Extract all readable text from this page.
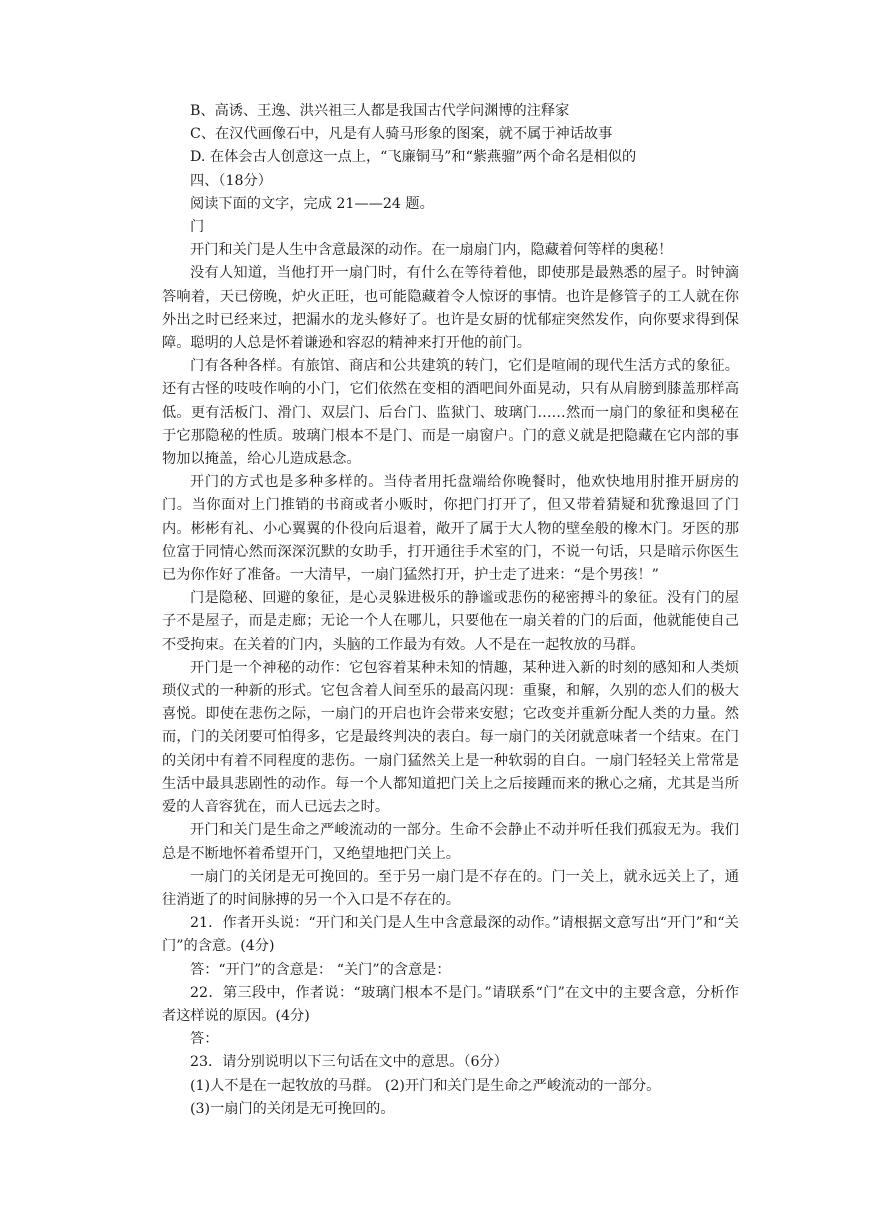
B、高诱、王逸、洪兴祖三人都是我国古代学问渊博的注释家
C、在汉代画像石中，凡是有人骑马形象的图案，就不属于神话故事
D. 在体会古人创意这一点上，“飞廉铜马”和“紫燕骝”两个命名是相似的
四、（18分）
阅读下面的文字，完成 21——24 题。
门
开门和关门是人生中含意最深的动作。在一扇扇门内，隐藏着何等样的奥秘！
没有人知道，当他打开一扇门时，有什么在等待着他，即使那是最熟悉的屋子。时钟滴答响着，天已傍晚，炉火正旺，也可能隐藏着令人惊讶的事情。也许是修管子的工人就在你外出之时已经来过，把漏水的龙头修好了。也许是女厨的忧郁症突然发作，向你要求得到保障。聪明的人总是怀着谦逊和容忍的精神来打开他的前门。
门有各种各样。有旅馆、商店和公共建筑的转门，它们是喧闹的现代生活方式的象征。还有古怪的吱吱作响的小门，它们依然在变相的酒吧间外面晃动，只有从肩膀到膝盖那样高低。更有活板门、滑门、双层门、后台门、监狱门、玻璃门……然而一扇门的象征和奥秘在于它那隐秘的性质。玻璃门根本不是门、而是一扇窗户。门的意义就是把隐藏在它内部的事物加以掩盖，给心儿造成悬念。
开门的方式也是多种多样的。当侍者用托盘端给你晚餐时，他欢快地用肘推开厨房的门。当你面对上门推销的书商或者小贩时，你把门打开了，但又带着猜疑和犹豫退回了门内。彬彬有礼、小心翼翼的仆役向后退着，敞开了属于大人物的壁垒般的橡木门。牙医的那位富于同情心然而深深沉默的女助手，打开通往手术室的门，不说一句话，只是暗示你医生已为你作好了准备。一大清早，一扇门猛然打开，护士走了进来：“是个男孩！”
门是隐秘、回避的象征，是心灵躲进极乐的静谧或悲伤的秘密搏斗的象征。没有门的屋子不是屋子，而是走廊；无论一个人在哪儿，只要他在一扇关着的门的后面，他就能使自己不受拘束。在关着的门内，头脑的工作最为有效。人不是在一起牧放的马群。
开门是一个神秘的动作：它包容着某种未知的情趣，某种进入新的时刻的感知和人类烦琐仪式的一种新的形式。它包含着人间至乐的最高闪现：重聚，和解，久别的恋人们的极大喜悦。即使在悲伤之际，一扇门的开启也许会带来安慰；它改变并重新分配人类的力量。然而，门的关闭要可怕得多，它是最终判决的表白。每一扇门的关闭就意味者一个结束。在门的关闭中有着不同程度的悲伤。一扇门猛然关上是一种软弱的自白。一扇门轻轻关上常常是生活中最具悲剧性的动作。每一个人都知道把门关上之后接踵而来的揪心之痛，尤其是当所爱的人音容犹在，而人已远去之时。
开门和关门是生命之严峻流动的一部分。生命不会静止不动并听任我们孤寂无为。我们总是不断地怀着希望开门，又绝望地把门关上。
一扇门的关闭是无可挽回的。至于另一扇门是不存在的。门一关上，就永远关上了，通往消逝了的时间脉搏的另一个入口是不存在的。
21．作者开头说：“开门和关门是人生中含意最深的动作。”请根据文意写出“开门”和“关门”的含意。(4分)
答：“开门”的含意是： “关门”的含意是：
22．第三段中，作者说：“玻璃门根本不是门。”请联系“门”在文中的主要含意，分析作者这样说的原因。(4分)
答：
23．请分别说明以下三句话在文中的意思。（6分）
(1)人不是在一起牧放的马群。 (2)开门和关门是生命之严峻流动的一部分。
(3)一扇门的关闭是无可挽回的。
